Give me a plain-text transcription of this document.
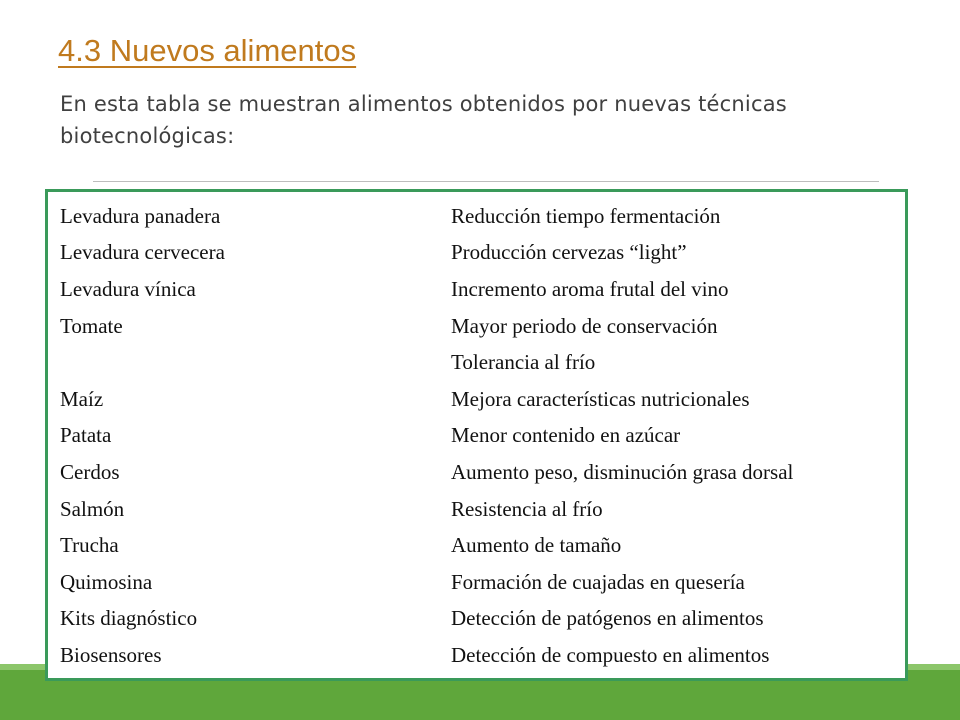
4.3 Nuevos alimentos
En esta tabla se muestran alimentos obtenidos por nuevas técnicas biotecnológicas:
Levadura panadera	Reducción tiempo fermentación
Levadura cervecera	Producción cervezas “light”
Levadura vínica	Incremento aroma frutal del vino
Tomate	Mayor periodo de conservación
	Tolerancia al frío
Maíz	Mejora características nutricionales
Patata	Menor contenido en azúcar
Cerdos	Aumento peso, disminución grasa dorsal
Salmón	Resistencia al frío
Trucha	Aumento de tamaño
Quimosina	Formación de cuajadas en quesería
Kits diagnóstico	Detección de patógenos en alimentos
Biosensores	Detección de compuesto en alimentos
